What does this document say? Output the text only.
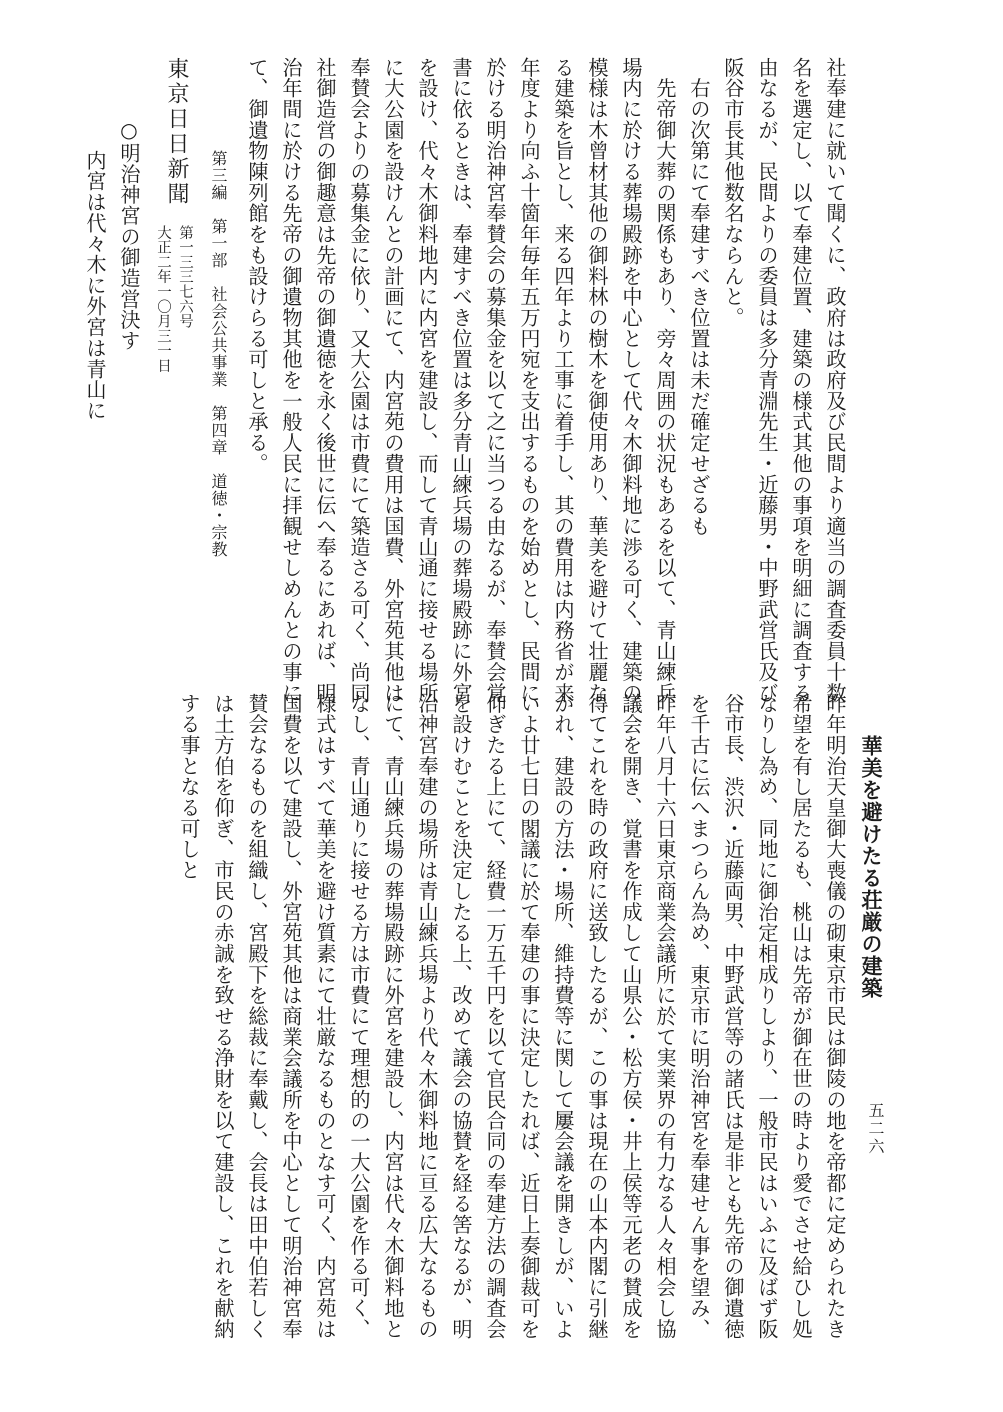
第三編　第一部　社会公共事業　第四章　道徳・宗教	社奉建に就いて聞くに、政府は政府及び民間より適当の調査委員十数
名を選定し、以て奉建位置、建築の様式其他の事項を明細に調査する
由なるが、民間よりの委員は多分青淵先生・近藤男・中野武営氏及び
阪谷市長其他数名ならんと。
　右の次第にて奉建すべき位置は未だ確定せざるも
　先帝御大葬の関係もあり、旁々周囲の状況もあるを以て、青山練兵
場内に於ける葬場殿跡を中心として代々木御料地に渉る可く、建築の
模様は木曾材其他の御料林の樹木を御使用あり、華美を避けて壮麗な
る建築を旨とし、来る四年より工事に着手し、其の費用は内務省が来
年度より向ふ十箇年毎年五万円宛を支出するものを始めとし、民間に
於ける明治神宮奉賛会の募集金を以て之に当つる由なるが、奉賛会覚
書に依るときは、奉建すべき位置は多分青山練兵場の葬場殿跡に外宮
を設け、代々木御料地内に内宮を建設し、而して青山通に接せる場所
に大公園を設けんとの計画にて、内宮苑の費用は国費、外宮苑其他は
奉賛会よりの募集金に依り、又大公園は市費にて築造さる可く、尚同
社御造営の御趣意は先帝の御遺徳を永く後世に伝へ奉るにあれば、明
治年間に於ける先帝の御遺物其他を一般人民に拝観せしめんとの事に
て、御遺物陳列館をも設けらる可しと承る。
東京日日新聞
第一三三七六号
大正二年一〇月三一日
○明治神宮の御造営決す
内宮は代々木に外宮は青山に
五二六
華美を避けたる荘厳の建築
昨年明治天皇御大喪儀の砌東京市民は御陵の地を帝都に定められたき
希望を有し居たるも、桃山は先帝が御在世の時より愛でさせ給ひし処
なりし為め、同地に御治定相成りしより、一般市民はいふに及ばず阪
谷市長、渋沢・近藤両男、中野武営等の諸氏は是非とも先帝の御遺徳
を千古に伝へまつらん為め、東京市に明治神宮を奉建せん事を望み、
昨年八月十六日東京商業会議所に於て実業界の有力なる人々相会し協
議会を開き、覚書を作成して山県公・松方侯・井上侯等元老の賛成を
得てこれを時の政府に送致したるが、この事は現在の山本内閣に引継
がれ、建設の方法・場所、維持費等に関して屢会議を開きしが、いよ
いよ廿七日の閣議に於て奉建の事に決定したれば、近日上奏御裁可を
仰ぎたる上にて、経費一万五千円を以て官民合同の奉建方法の調査会
を設けむことを決定したる上、改めて議会の協賛を経る筈なるが、明
治神宮奉建の場所は青山練兵場より代々木御料地に亘る広大なるもの
にて、青山練兵場の葬場殿跡に外宮を建設し、内宮は代々木御料地と
なし、青山通りに接せる方は市費にて理想的の一大公園を作る可く、
様式はすべて華美を避け質素にて壮厳なるものとなす可く、内宮苑は
国費を以て建設し、外宮苑其他は商業会議所を中心として明治神宮奉
賛会なるものを組織し、宮殿下を総裁に奉戴し、会長は田中伯若しく
は土方伯を仰ぎ、市民の赤誠を致せる浄財を以て建設し、これを献納
する事となる可しと
